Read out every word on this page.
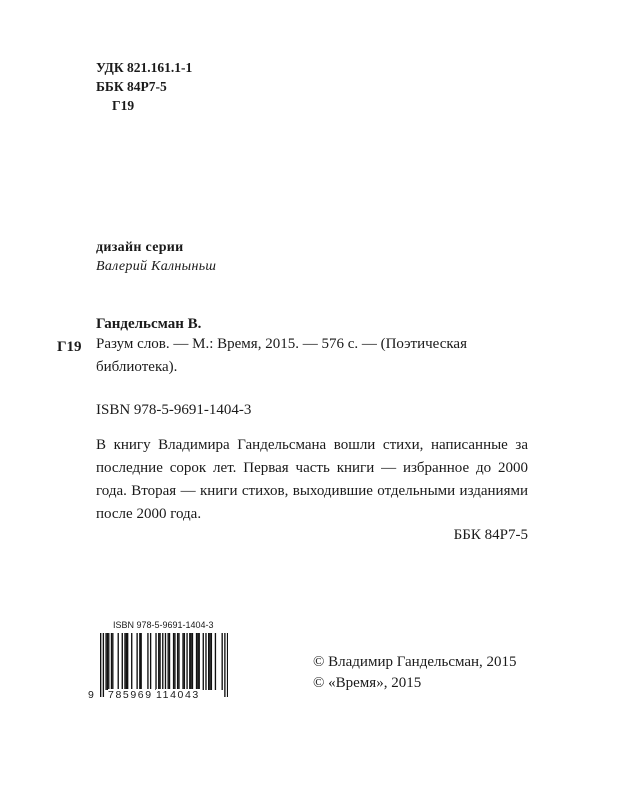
УДК 821.161.1-1
ББК 84Р7-5
Г19
дизайн серии
Валерий Калныньш
Гандельсман В.
Г19 Разум слов. — М.: Время, 2015. — 576 с. — (Поэтическая
библиотека).
ISBN 978-5-9691-1404-3
В книгу Владимира Гандельсмана вошли стихи, написанные за последние сорок лет. Первая часть книги — избранное до 2000 года. Вторая — книги стихов, выходившие отдельными изданиями после 2000 года.
ББК 84Р7-5
ISBN 978-5-9691-1404-3
9 785969 114043
© Владимир Гандельсман, 2015
© «Время», 2015
